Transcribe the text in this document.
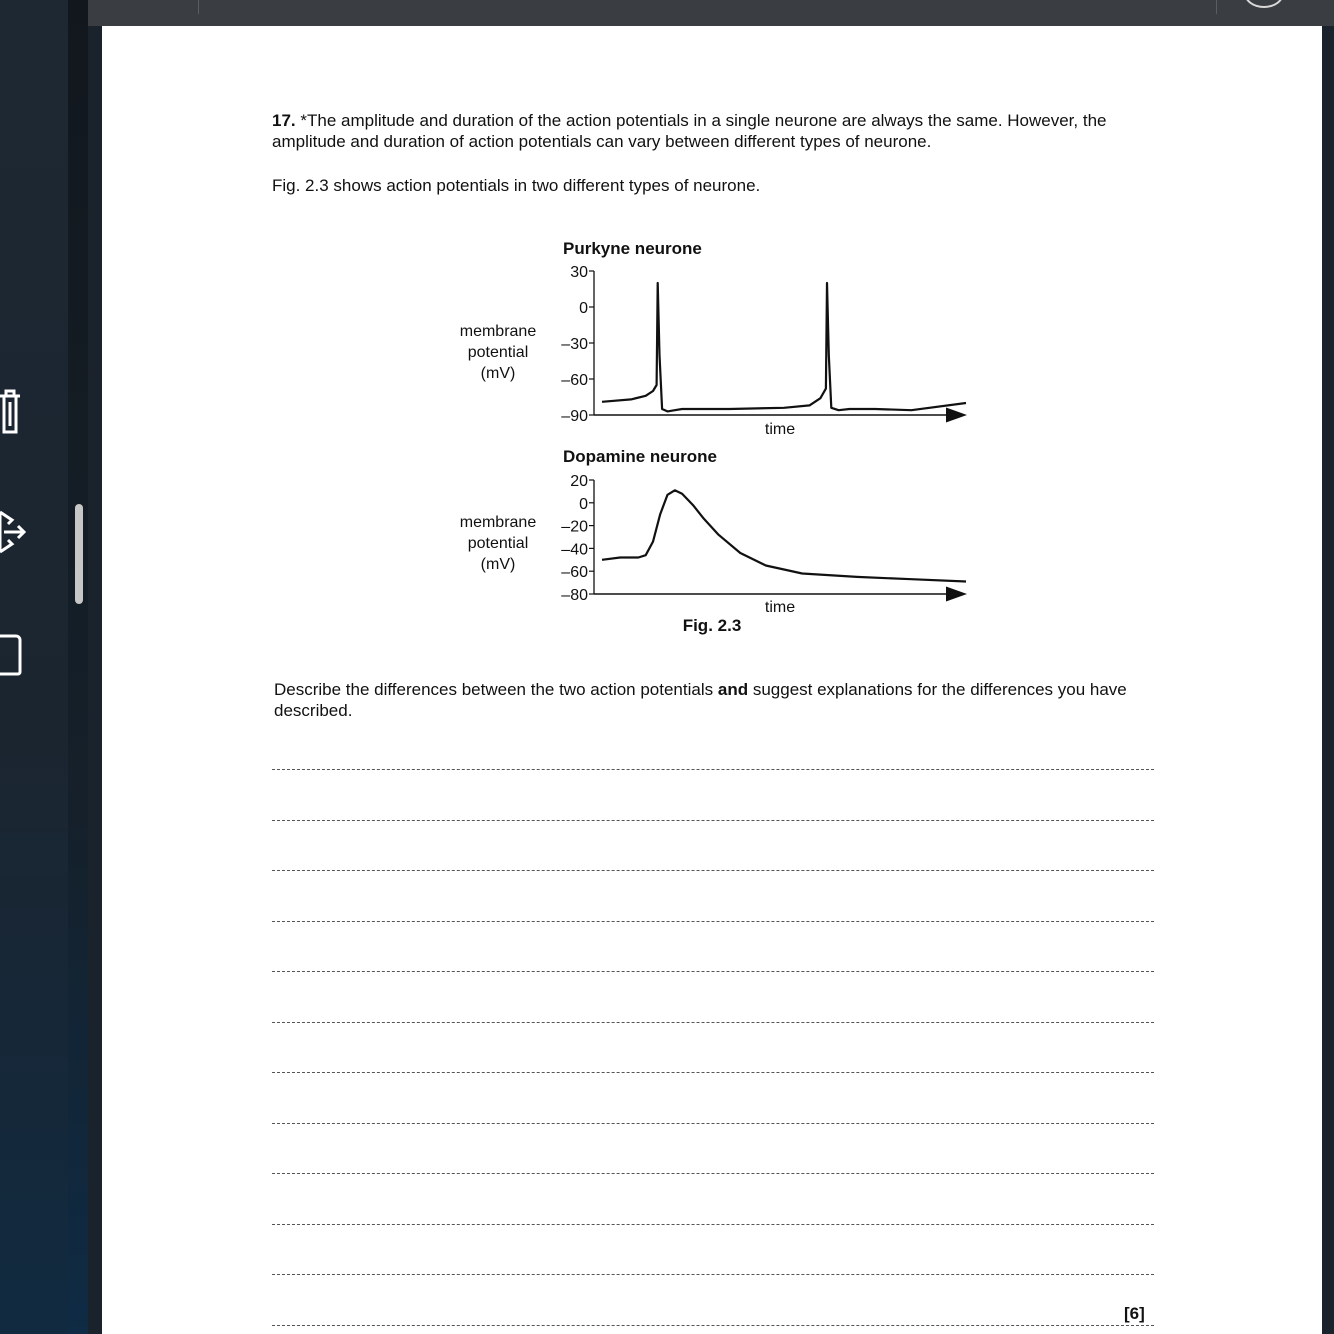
17. *The amplitude and duration of the action potentials in a single neurone are always the same. However, the amplitude and duration of action potentials can vary between different types of neurone.
Fig. 2.3 shows action potentials in two different types of neurone.
Purkyne neurone
membrane
potential
(mV)
time
30
0
–30
–60
–90
Dopamine neurone
membrane
potential
(mV)
time
20
0
–20
–40
–60
–80
Fig. 2.3
Describe the differences between the two action potentials and suggest explanations for the differences you have described.
[6]
